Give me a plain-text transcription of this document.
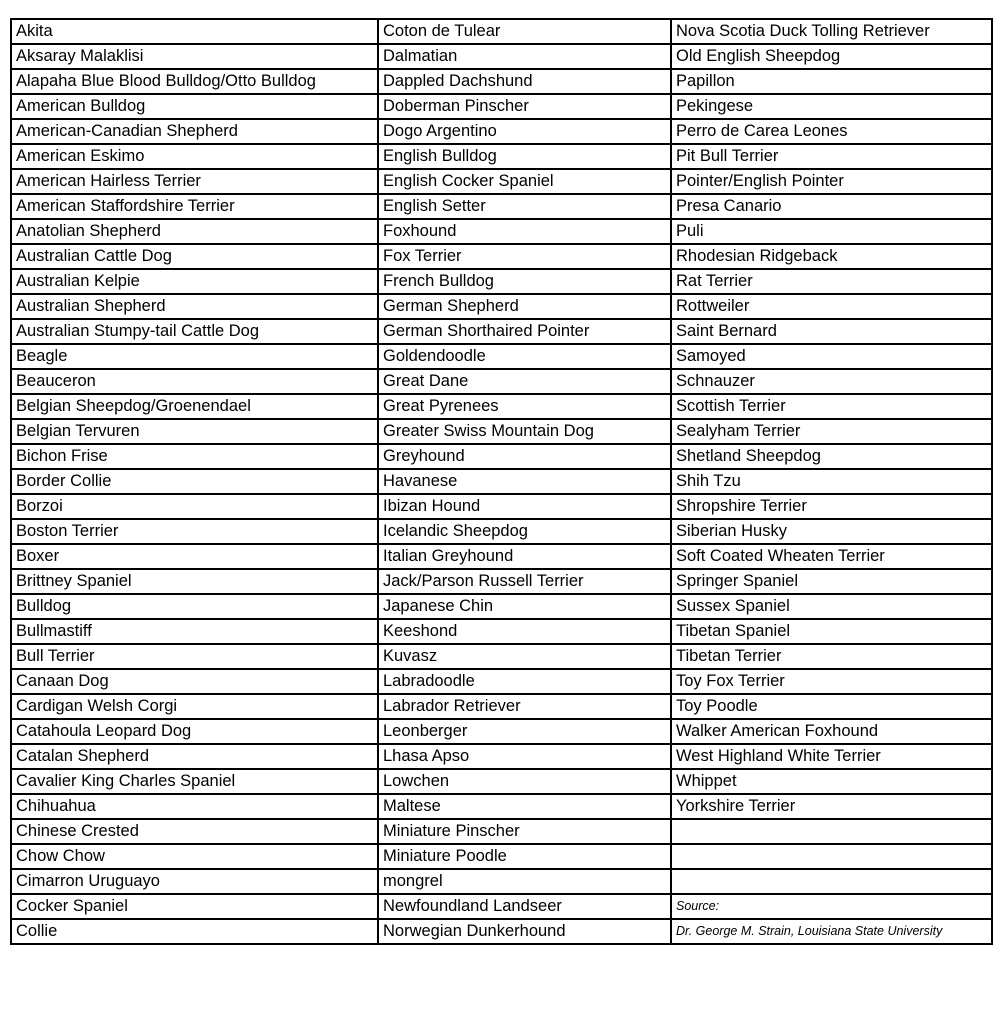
Akita	Coton de Tulear	Nova Scotia Duck Tolling Retriever
Aksaray Malaklisi	Dalmatian	Old English Sheepdog
Alapaha Blue Blood Bulldog/Otto Bulldog	Dappled Dachshund	Papillon
American Bulldog	Doberman Pinscher	Pekingese
American-Canadian Shepherd	Dogo Argentino	Perro de Carea Leones
American Eskimo	English Bulldog	Pit Bull Terrier
American Hairless Terrier	English Cocker Spaniel	Pointer/English Pointer
American Staffordshire Terrier	English Setter	Presa Canario
Anatolian Shepherd	Foxhound	Puli
Australian Cattle Dog	Fox Terrier	Rhodesian Ridgeback
Australian Kelpie	French Bulldog	Rat Terrier
Australian Shepherd	German Shepherd	Rottweiler
Australian Stumpy-tail Cattle Dog	German Shorthaired Pointer	Saint Bernard
Beagle	Goldendoodle	Samoyed
Beauceron	Great Dane	Schnauzer
Belgian Sheepdog/Groenendael	Great Pyrenees	Scottish Terrier
Belgian Tervuren	Greater Swiss Mountain Dog	Sealyham Terrier
Bichon Frise	Greyhound	Shetland Sheepdog
Border Collie	Havanese	Shih Tzu
Borzoi	Ibizan Hound	Shropshire Terrier
Boston Terrier	Icelandic Sheepdog	Siberian Husky
Boxer	Italian Greyhound	Soft Coated Wheaten Terrier
Brittney Spaniel	Jack/Parson Russell Terrier	Springer Spaniel
Bulldog	Japanese Chin	Sussex Spaniel
Bullmastiff	Keeshond	Tibetan Spaniel
Bull Terrier	Kuvasz	Tibetan Terrier
Canaan Dog	Labradoodle	Toy Fox Terrier
Cardigan Welsh Corgi	Labrador Retriever	Toy Poodle
Catahoula Leopard Dog	Leonberger	Walker American Foxhound
Catalan Shepherd	Lhasa Apso	West Highland White Terrier
Cavalier King Charles Spaniel	Lowchen	Whippet
Chihuahua	Maltese	Yorkshire Terrier
Chinese Crested	Miniature Pinscher	
Chow Chow	Miniature Poodle	
Cimarron Uruguayo	mongrel	
Cocker Spaniel	Newfoundland Landseer	Source:
Collie	Norwegian Dunkerhound	Dr. George M. Strain, Louisiana State University
